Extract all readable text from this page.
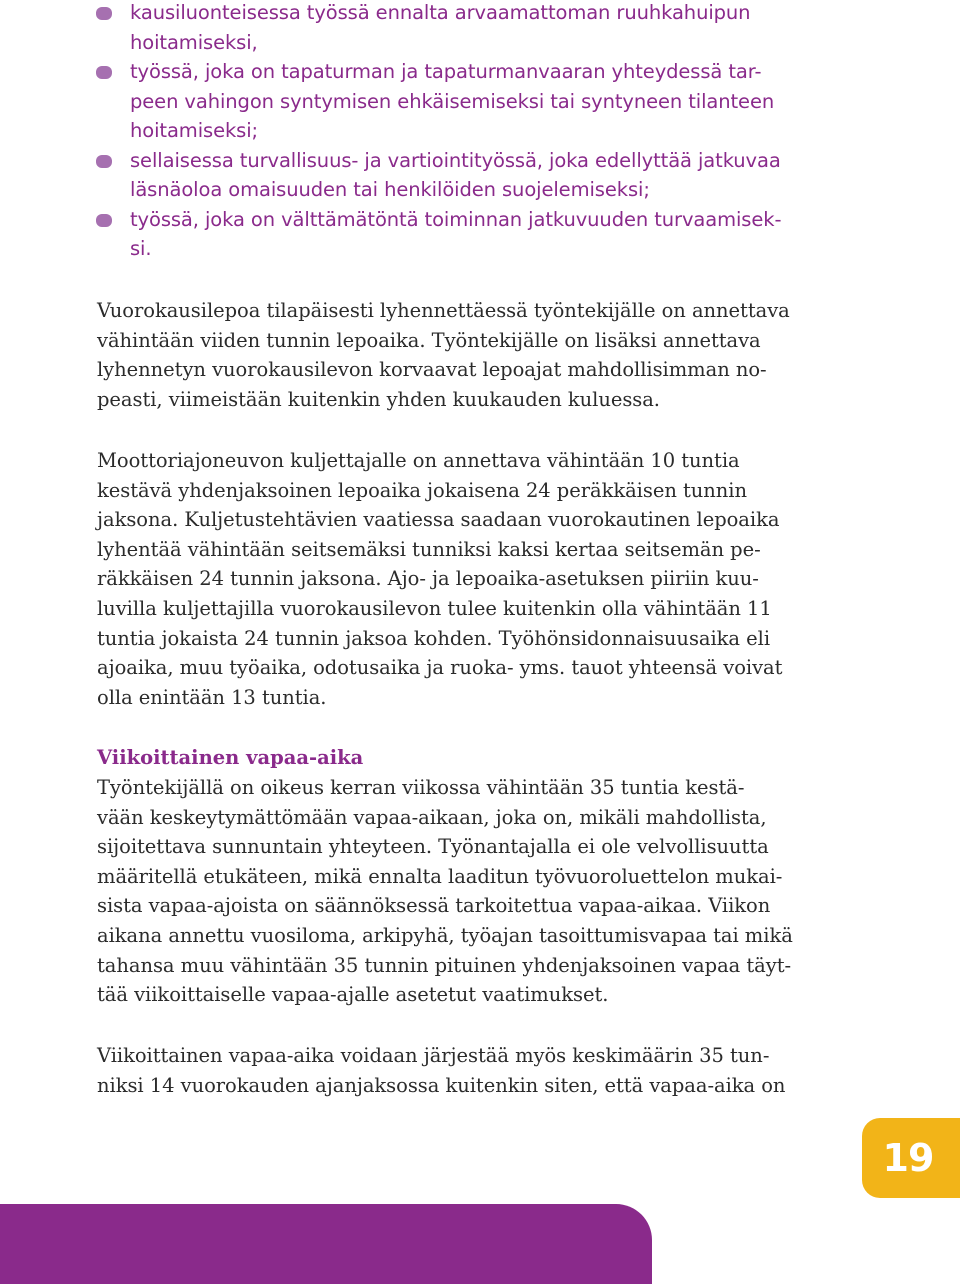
kausiluonteisessa työssä ennalta arvaamattoman ruuhkahuipun
hoitamiseksi,
työssä, joka on tapaturman ja tapaturmanvaaran yhteydessä tar-
peen vahingon syntymisen ehkäisemiseksi tai syntyneen tilanteen
hoitamiseksi;
sellaisessa turvallisuus- ja vartiointityössä, joka edellyttää jatkuvaa
läsnäoloa omaisuuden tai henkilöiden suojelemiseksi;
työssä, joka on välttämätöntä toiminnan jatkuvuuden turvaamisek-
si.
Vuorokausilepoa tilapäisesti lyhennettäessä työntekijälle on annettava
vähintään viiden tunnin lepoaika. Työntekijälle on lisäksi annettava
lyhennetyn vuorokausilevon korvaavat lepoajat mahdollisimman no-
peasti, viimeistään kuitenkin yhden kuukauden kuluessa.
Moottoriajoneuvon kuljettajalle on annettava vähintään 10 tuntia
kestävä yhdenjaksoinen lepoaika jokaisena 24 peräkkäisen tunnin
jaksona. Kuljetustehtävien vaatiessa saadaan vuorokautinen lepoaika
lyhentää vähintään seitsemäksi tunniksi kaksi kertaa seitsemän pe-
räkkäisen 24 tunnin jaksona. Ajo- ja lepoaika-asetuksen piiriin kuu-
luvilla kuljettajilla vuorokausilevon tulee kuitenkin olla vähintään 11
tuntia jokaista 24 tunnin jaksoa kohden. Työhönsidonnaisuusaika eli
ajoaika, muu työaika, odotusaika ja ruoka- yms. tauot yhteensä voivat
olla enintään 13 tuntia.
Viikoittainen vapaa-aika
Työntekijällä on oikeus kerran viikossa vähintään 35 tuntia kestä-
vään keskeytymättömään vapaa-aikaan, joka on, mikäli mahdollista,
sijoitettava sunnuntain yhteyteen. Työnantajalla ei ole velvollisuutta
määritellä etukäteen, mikä ennalta laaditun työvuoroluettelon mukai-
sista vapaa-ajoista on säännöksessä tarkoitettua vapaa-aikaa. Viikon
aikana annettu vuosiloma, arkipyhä, työajan tasoittumisvapaa tai mikä
tahansa muu vähintään 35 tunnin pituinen yhdenjaksoinen vapaa täyt-
tää viikoittaiselle vapaa-ajalle asetetut vaatimukset.
Viikoittainen vapaa-aika voidaan järjestää myös keskimäärin 35 tun-
niksi 14 vuorokauden ajanjaksossa kuitenkin siten, että vapaa-aika on
19
